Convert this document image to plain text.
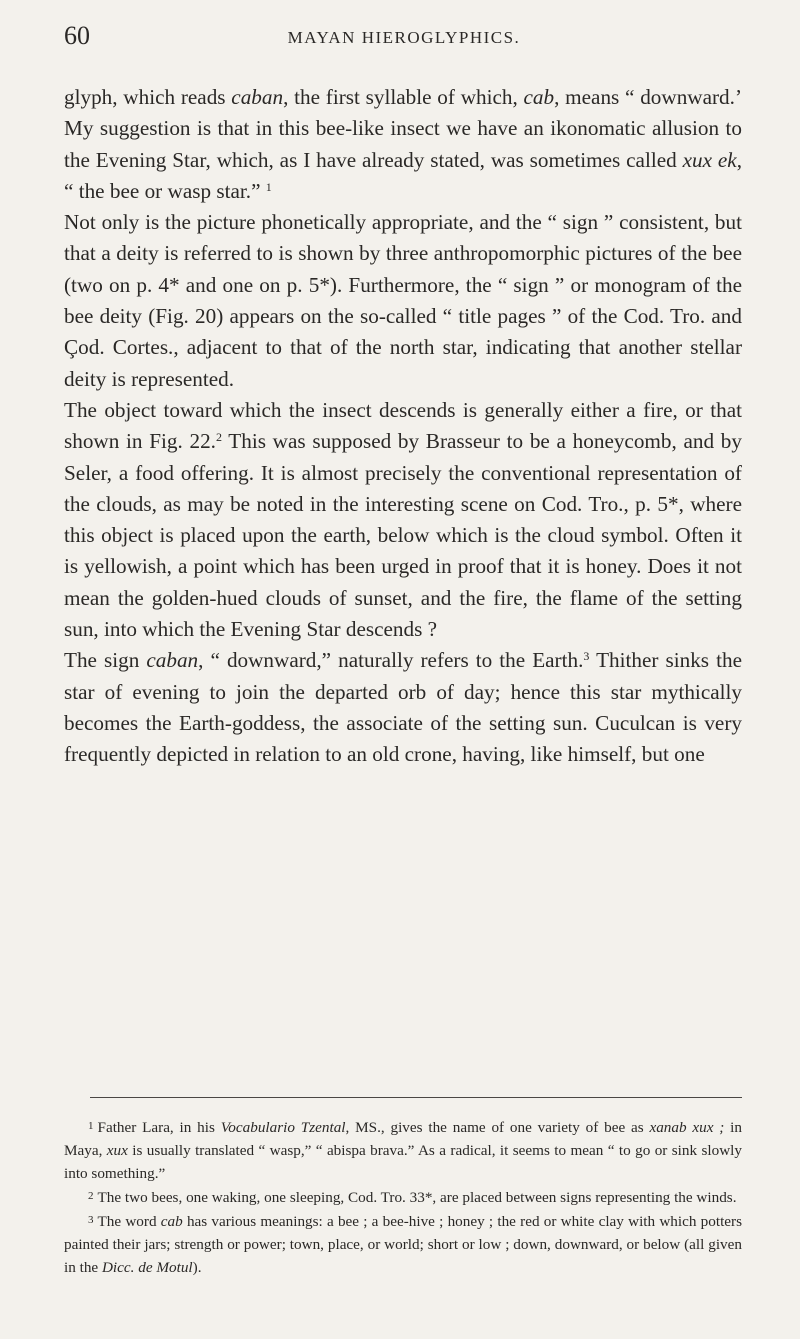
60	MAYAN HIEROGLYPHICS.

glyph, which reads caban, the first syllable of which, cab, means “ downward.’ My suggestion is that in this bee-like insect we have an ikonomatic allusion to the Evening Star, which, as I have already stated, was sometimes called xux ek, “ the bee or wasp star.” $^1$

Not only is the picture phonetically appropriate, and the “ sign ” consistent, but that a deity is referred to is shown by three anthropomorphic pictures of the bee (two on p. 4* and one on p. 5*). Furthermore, the “ sign ” or monogram of the bee deity (Fig. 20) appears on the so-called “ title pages ” of the Cod. Tro. and Çod. Cortes., adjacent to that of the north star, indicating that another stellar deity is represented.

The object toward which the insect descends is generally either a fire, or that shown in Fig. 22.$^2$ This was supposed by Brasseur to be a honeycomb, and by Seler, a food offering. It is almost precisely the conventional representation of the clouds, as may be noted in the interesting scene on Cod. Tro., p. 5*, where this object is placed upon the earth, below which is the cloud symbol. Often it is yellowish, a point which has been urged in proof that it is honey. Does it not mean the golden-hued clouds of sunset, and the fire, the flame of the setting sun, into which the Evening Star descends ?

The sign caban, “ downward,” naturally refers to the Earth.$^3$ Thither sinks the star of evening to join the departed orb of day; hence this star mythically becomes the Earth-goddess, the associate of the setting sun. Cuculcan is very frequently depicted in relation to an old crone, having, like himself, but one

1 Father Lara, in his Vocabulario Tzental, MS., gives the name of one variety of bee as xanab xux ; in Maya, xux is usually translated “ wasp,” “ abispa brava.” As a radical, it seems to mean “ to go or sink slowly into something.”

2 The two bees, one waking, one sleeping, Cod. Tro. 33*, are placed between signs representing the winds.

3 The word cab has various meanings: a bee ; a bee-hive ; honey ; the red or white clay with which potters painted their jars; strength or power; town, place, or world; short or low ; down, downward, or below (all given in the Dicc. de Motul).
